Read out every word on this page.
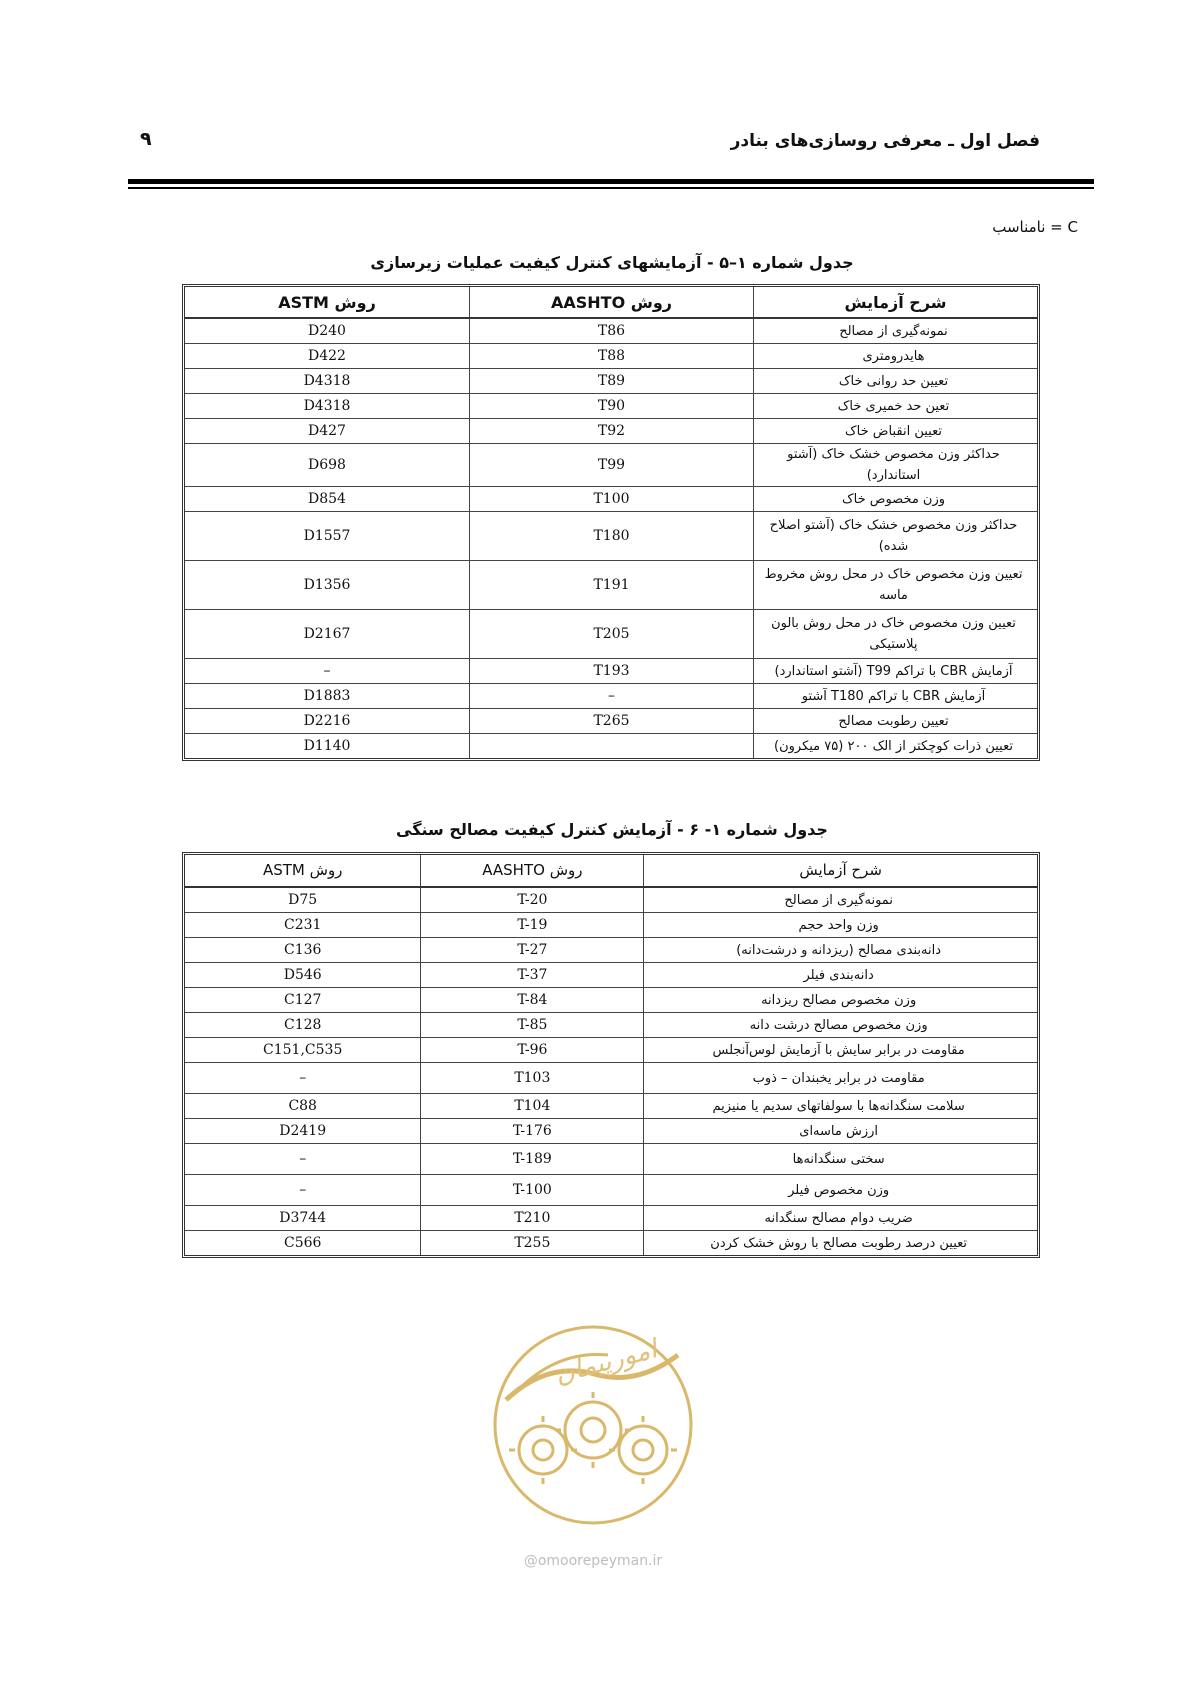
فصل اول ـ معرفی روسازی‌های بنادر
۹
C = نامناسب
جدول شماره ۱–۵ - آزمایشهای کنترل کیفیت عملیات زیرسازی
شرح آزمایش	روش AASHTO	روش ASTM
نمونه‌گیری از مصالح	T86	D240
هایدرومتری	T88	D422
تعیین حد روانی خاک	T89	D4318
تعین حد خمیری خاک	T90	D4318
تعیین انقباض خاک	T92	D427
حداکثر وزن مخصوص خشک خاک (آشتو استاندارد)	T99	D698
وزن مخصوص خاک	T100	D854
حداکثر وزن مخصوص خشک خاک (آشتو اصلاح شده)	T180	D1557
تعیین وزن مخصوص خاک در محل روش مخروط ماسه	T191	D1356
تعیین وزن مخصوص خاک در محل روش بالون پلاستیکی	T205	D2167
آزمایش CBR با تراکم T99 (آشتو استاندارد)	T193	–
آزمایش CBR با تراکم T180 آشتو	–	D1883
تعیین رطوبت مصالح	T265	D2216
تعیین ذرات کوچکتر از الک ۲۰۰ (۷۵ میکرون)		D1140
جدول شماره ۱- ۶ - آزمایش کنترل کیفیت مصالح سنگی
شرح آزمایش	روش AASHTO	روش ASTM
نمونه‌گیری از مصالح	T-20	D75
وزن واحد حجم	T-19	C231
دانه‌بندی مصالح (ریزدانه و درشت‌دانه)	T-27	C136
دانه‌بندی فیلر	T-37	D546
وزن مخصوص مصالح ریزدانه	T-84	C127
وزن مخصوص مصالح درشت دانه	T-85	C128
مقاومت در برابر سایش با آزمایش لوس‌آنجلس	T-96	C151,C535
مقاومت در برابر یخبندان – ذوب	T103	–
سلامت سنگدانه‌ها با سولفاتهای سدیم یا منیزیم	T104	C88
ارزش ماسه‌ای	T-176	D2419
سختی سنگدانه‌ها	T-189	–
وزن مخصوص فیلر	T-100	–
ضریب دوام مصالح سنگدانه	T210	D3744
تعیین درصد رطوبت مصالح با روش خشک کردن	T255	C566
امورپیمان
@omoorepeyman.ir
